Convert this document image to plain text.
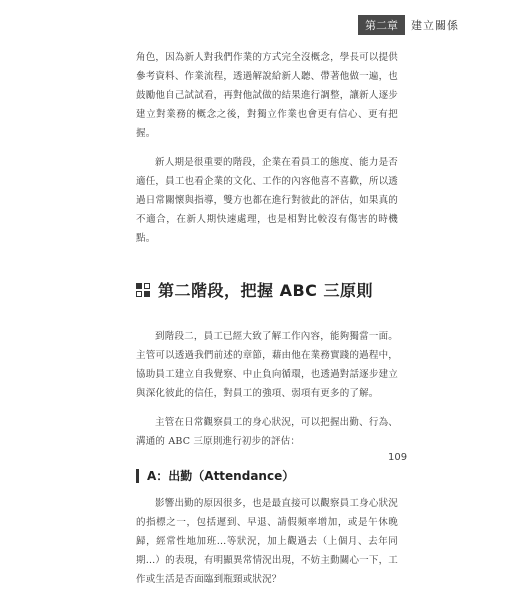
第二章	建立關係

角色，因為新人對我們作業的方式完全沒概念，學長可以提供參考資料、作業流程，透過解說給新人聽、帶著他做一遍，也鼓勵他自己試試看，再對他試做的結果進行調整，讓新人逐步建立對業務的概念之後，對獨立作業也會更有信心、更有把握。

新人期是很重要的階段，企業在看員工的態度、能力是否適任，員工也看企業的文化、工作的內容他喜不喜歡，所以透過日常關懷與指導，雙方也都在進行對彼此的評估，如果真的不適合，在新人期快速處理，也是相對比較沒有傷害的時機點。

第二階段，把握 ABC 三原則

到階段二，員工已經大致了解工作內容，能夠獨當一面。主管可以透過我們前述的章節，藉由他在業務實踐的過程中，協助員工建立自我覺察、中止負向循環，也透過對話逐步建立與深化彼此的信任，對員工的強項、弱項有更多的了解。

主管在日常觀察員工的身心狀況，可以把握出勤、行為、溝通的 ABC 三原則進行初步的評估：

A：出勤（Attendance）

影響出勤的原因很多，也是最直接可以觀察員工身心狀況的指標之一，包括遲到、早退、請假頻率增加，或是午休晚歸，經常性地加班…等狀況，加上觀過去（上個月、去年同期…）的表現，有明顯異常情況出現，不妨主動關心一下，工作或生活是否面臨到瓶頸或狀況？

109
